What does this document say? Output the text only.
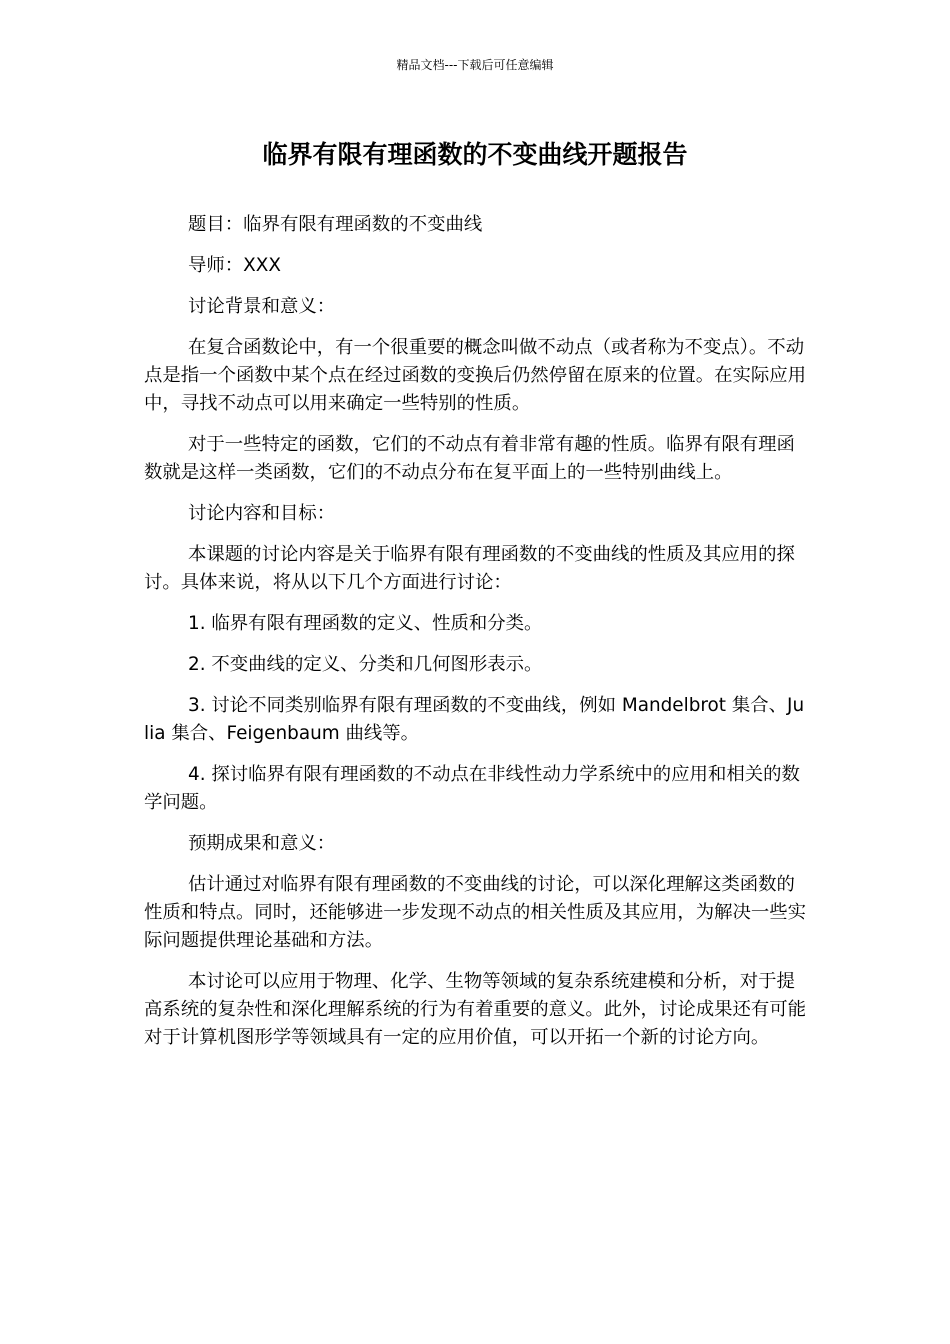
精品文档---下载后可任意编辑
临界有限有理函数的不变曲线开题报告

题目：临界有限有理函数的不变曲线

导师：XXX

讨论背景和意义：

在复合函数论中，有一个很重要的概念叫做不动点（或者称为不变点）。不动点是指一个函数中某个点在经过函数的变换后仍然停留在原来的位置。在实际应用中，寻找不动点可以用来确定一些特别的性质。

对于一些特定的函数，它们的不动点有着非常有趣的性质。临界有限有理函数就是这样一类函数，它们的不动点分布在复平面上的一些特别曲线上。

讨论内容和目标：

本课题的讨论内容是关于临界有限有理函数的不变曲线的性质及其应用的探讨。具体来说，将从以下几个方面进行讨论：

1. 临界有限有理函数的定义、性质和分类。

2. 不变曲线的定义、分类和几何图形表示。

3. 讨论不同类别临界有限有理函数的不变曲线，例如 Mandelbrot 集合、Julia 集合、Feigenbaum 曲线等。

4. 探讨临界有限有理函数的不动点在非线性动力学系统中的应用和相关的数学问题。

预期成果和意义：

估计通过对临界有限有理函数的不变曲线的讨论，可以深化理解这类函数的性质和特点。同时，还能够进一步发现不动点的相关性质及其应用，为解决一些实际问题提供理论基础和方法。

本讨论可以应用于物理、化学、生物等领域的复杂系统建模和分析，对于提高系统的复杂性和深化理解系统的行为有着重要的意义。此外，讨论成果还有可能对于计算机图形学等领域具有一定的应用价值，可以开拓一个新的讨论方向。
